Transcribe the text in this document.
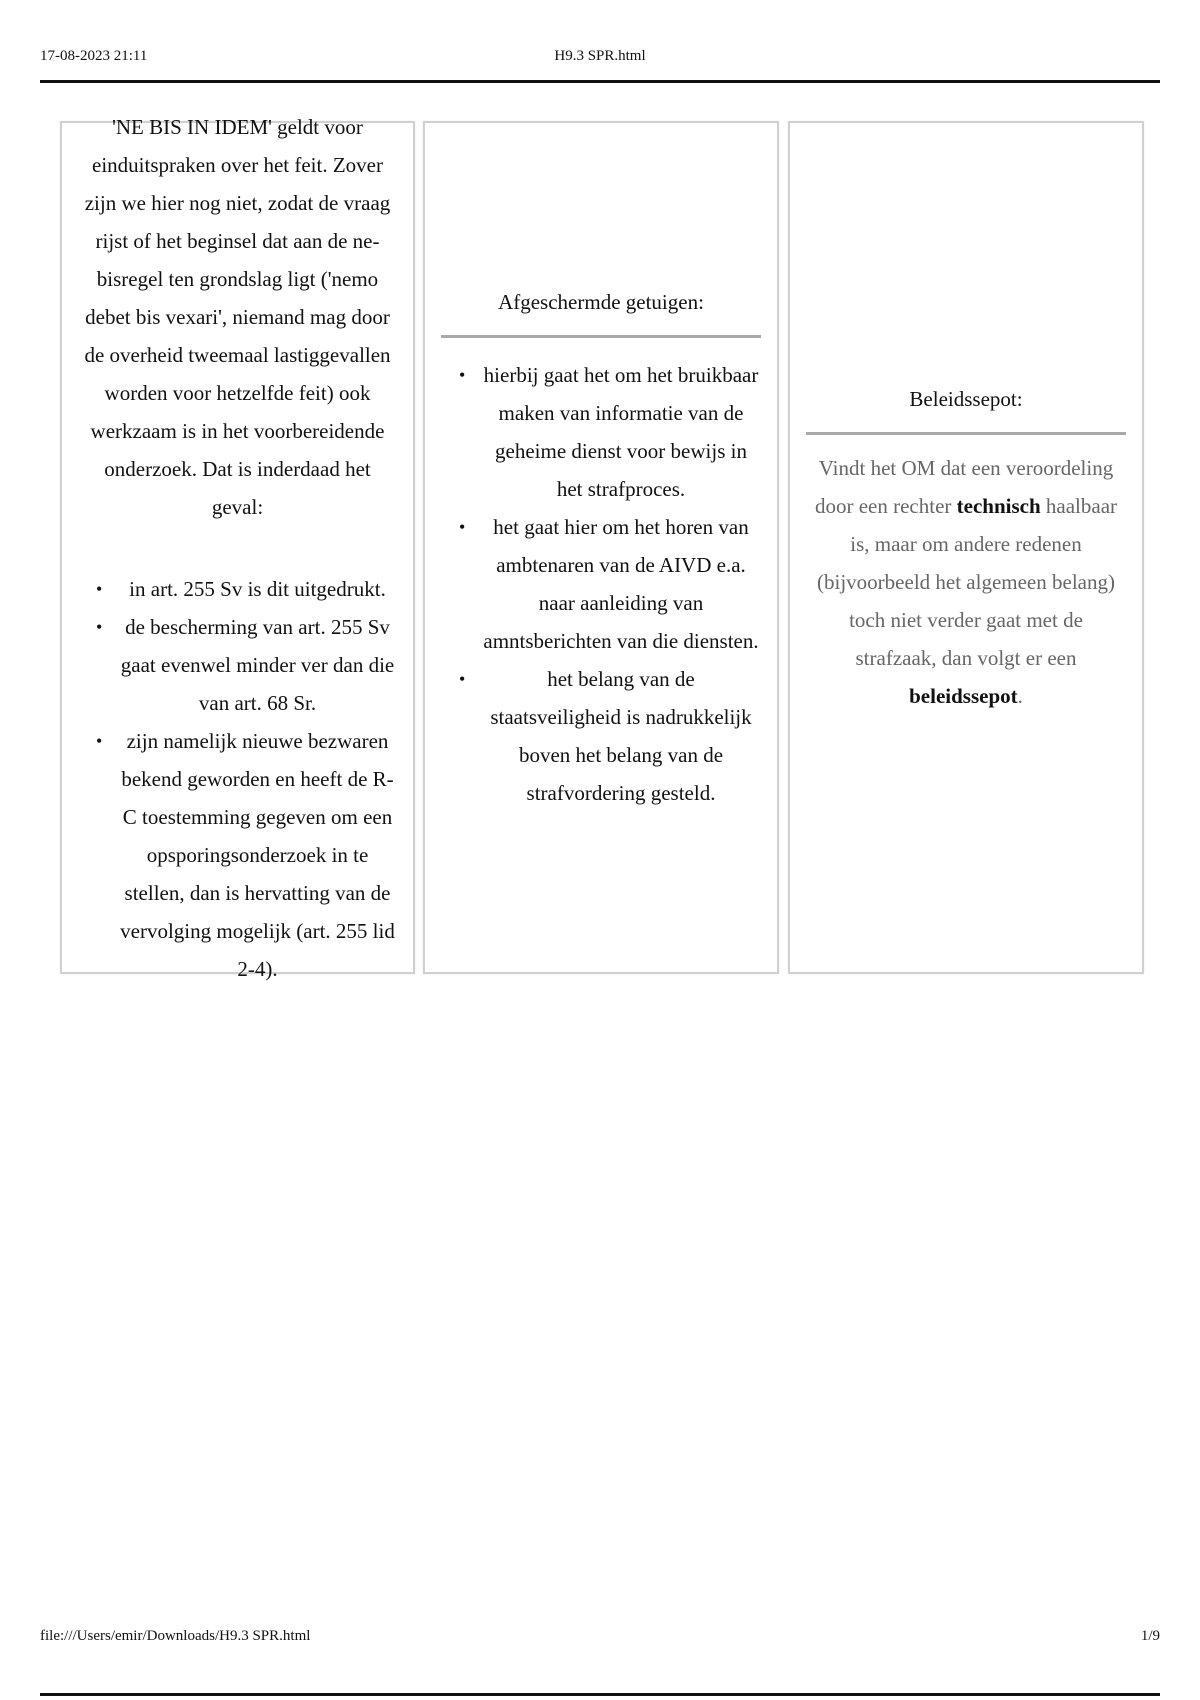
17-08-2023 21:11	H9.3 SPR.html
'NE BIS IN IDEM' geldt voor einduitspraken over het feit. Zover zijn we hier nog niet, zodat de vraag rijst of het beginsel dat aan de ne-bisregel ten grondslag ligt ('nemo debet bis vexari', niemand mag door de overheid tweemaal lastiggevallen worden voor hetzelfde feit) ook werkzaam is in het voorbereidende onderzoek. Dat is inderdaad het geval:
• in art. 255 Sv is dit uitgedrukt.
• de bescherming van art. 255 Sv gaat evenwel minder ver dan die van art. 68 Sr.
• zijn namelijk nieuwe bezwaren bekend geworden en heeft de R-C toestemming gegeven om een opsporingsonderzoek in te stellen, dan is hervatting van de vervolging mogelijk (art. 255 lid 2-4).
Afgeschermde getuigen:
• hierbij gaat het om het bruikbaar maken van informatie van de geheime dienst voor bewijs in het strafproces.
• het gaat hier om het horen van ambtenaren van de AIVD e.a. naar aanleiding van amntsberichten van die diensten.
•	het belang van de staatsveiligheid is nadrukkelijk boven het belang van de strafvordering gesteld.
Beleidssepot:
Vindt het OM dat een veroordeling door een rechter technisch haalbaar is, maar om andere redenen (bijvoorbeeld het algemeen belang) toch niet verder gaat met de strafzaak, dan volgt er een beleidssepot.
file:///Users/emir/Downloads/H9.3 SPR.html	1/9
